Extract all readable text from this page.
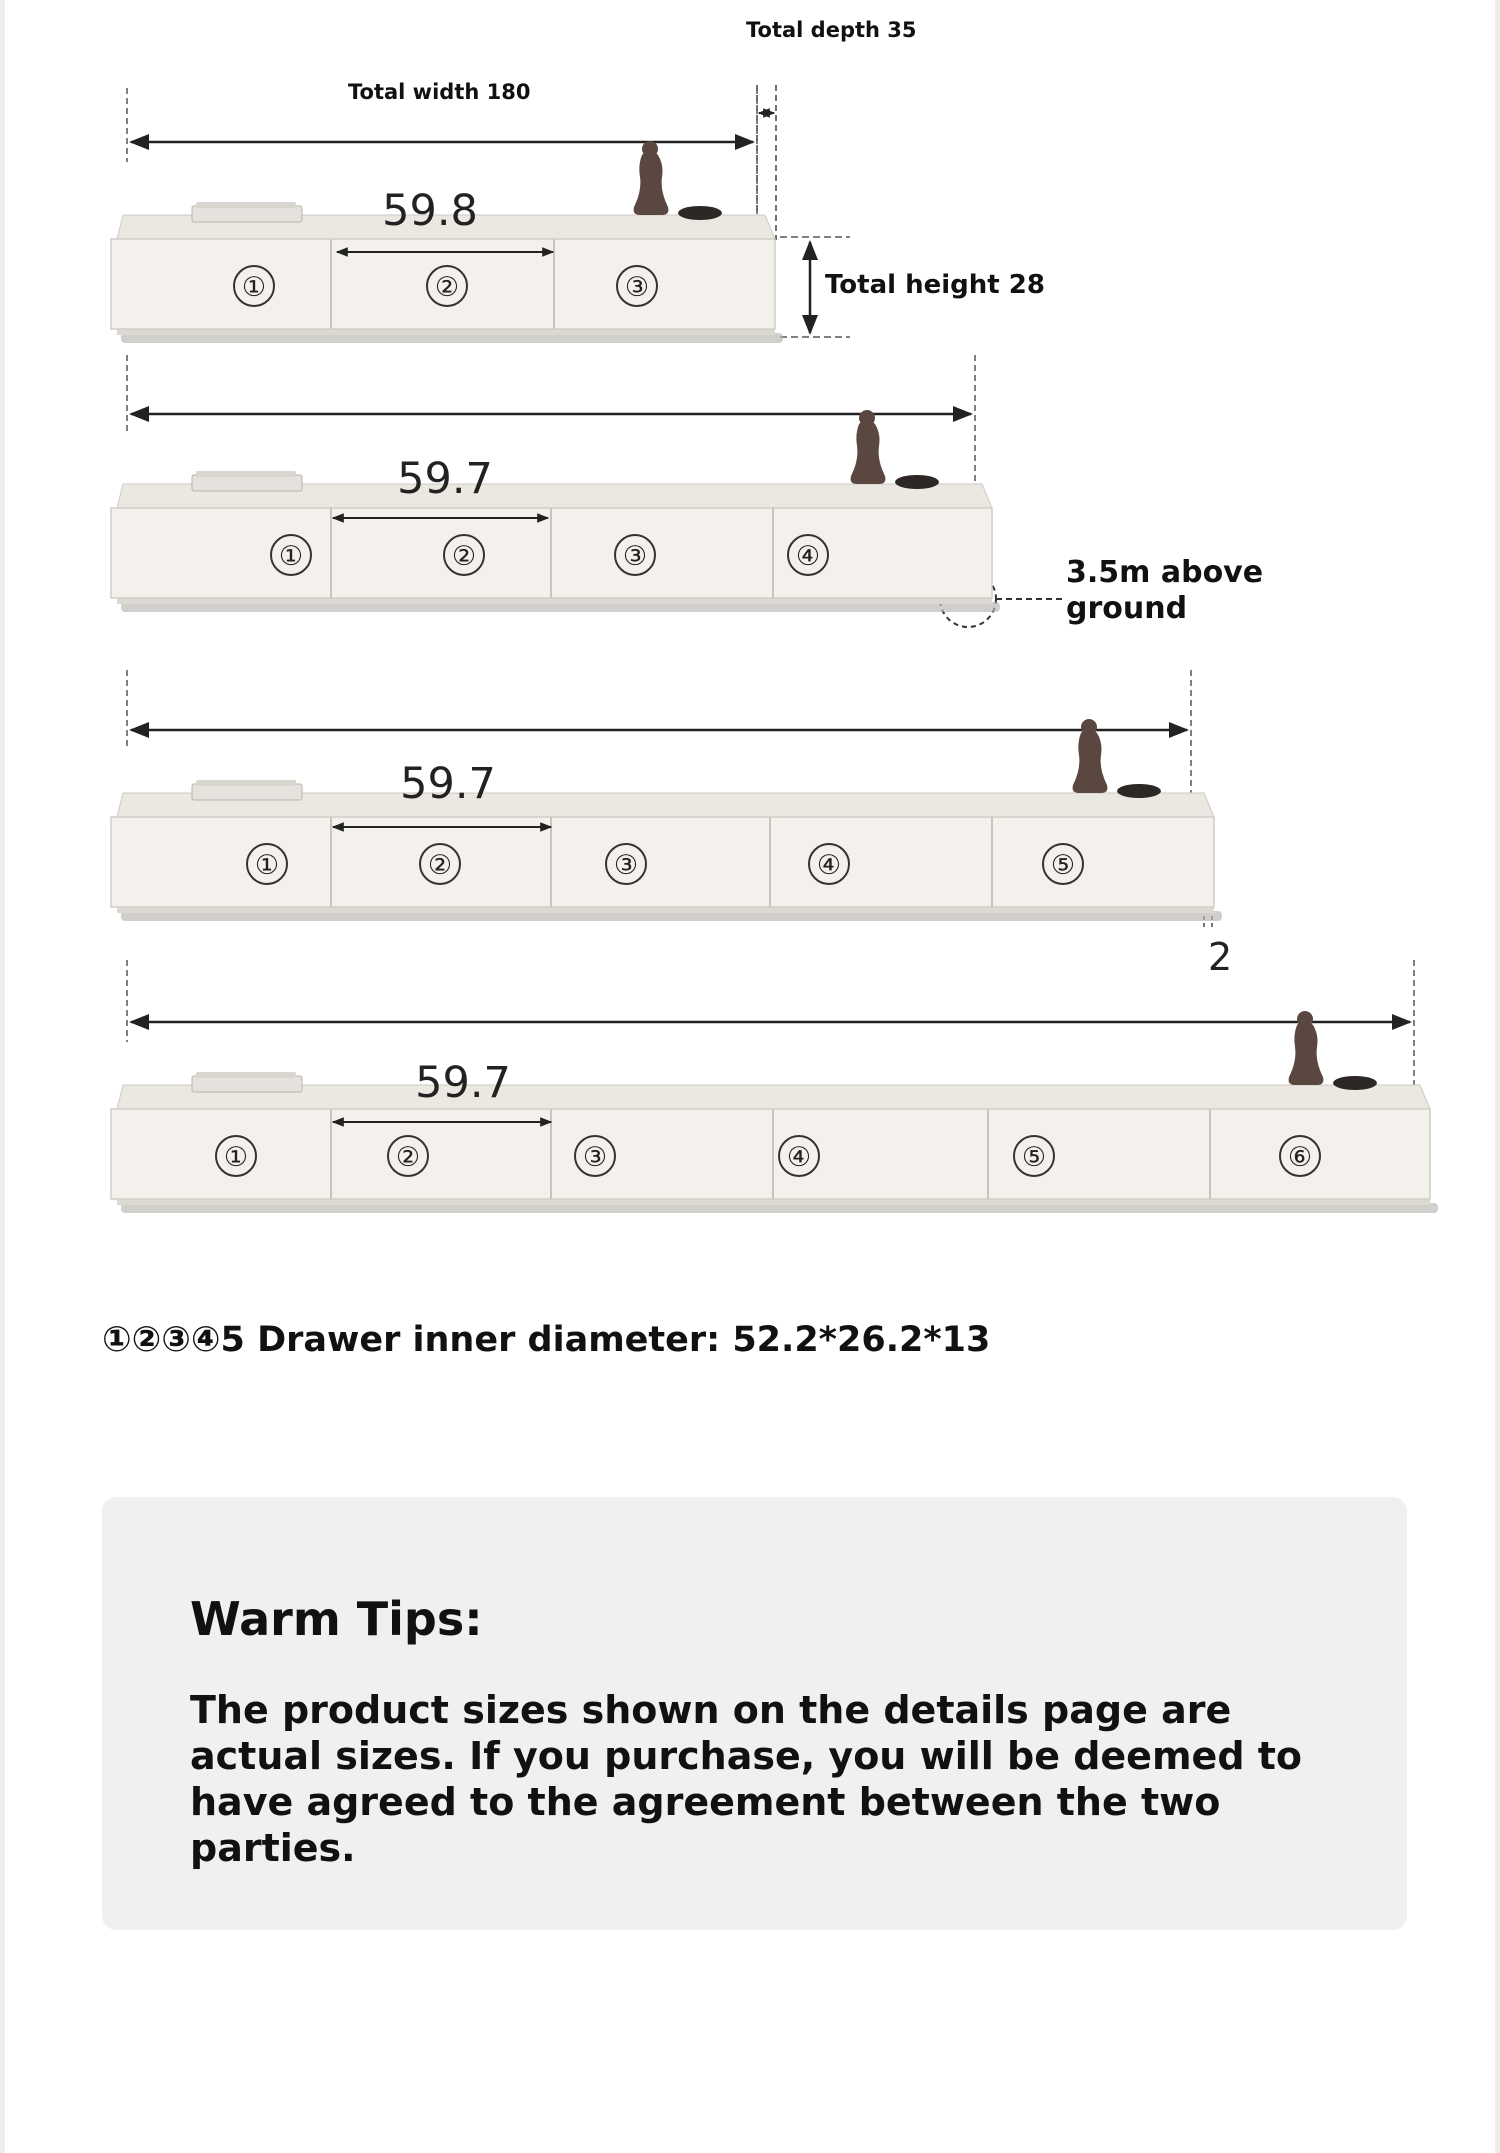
Total depth 35
Total width 180
Total height 28
3.5m above
ground
2
59.8
①	②	③
59.7
①	②	③	④
59.7
①	②	③	④	⑤
59.7
①	②	③	④	⑤	⑥

①②③④5 Drawer inner diameter: 52.2*26.2*13

Warm Tips:

The product sizes shown on the details page are actual sizes. If you purchase, you will be deemed to have agreed to the agreement between the two parties.
